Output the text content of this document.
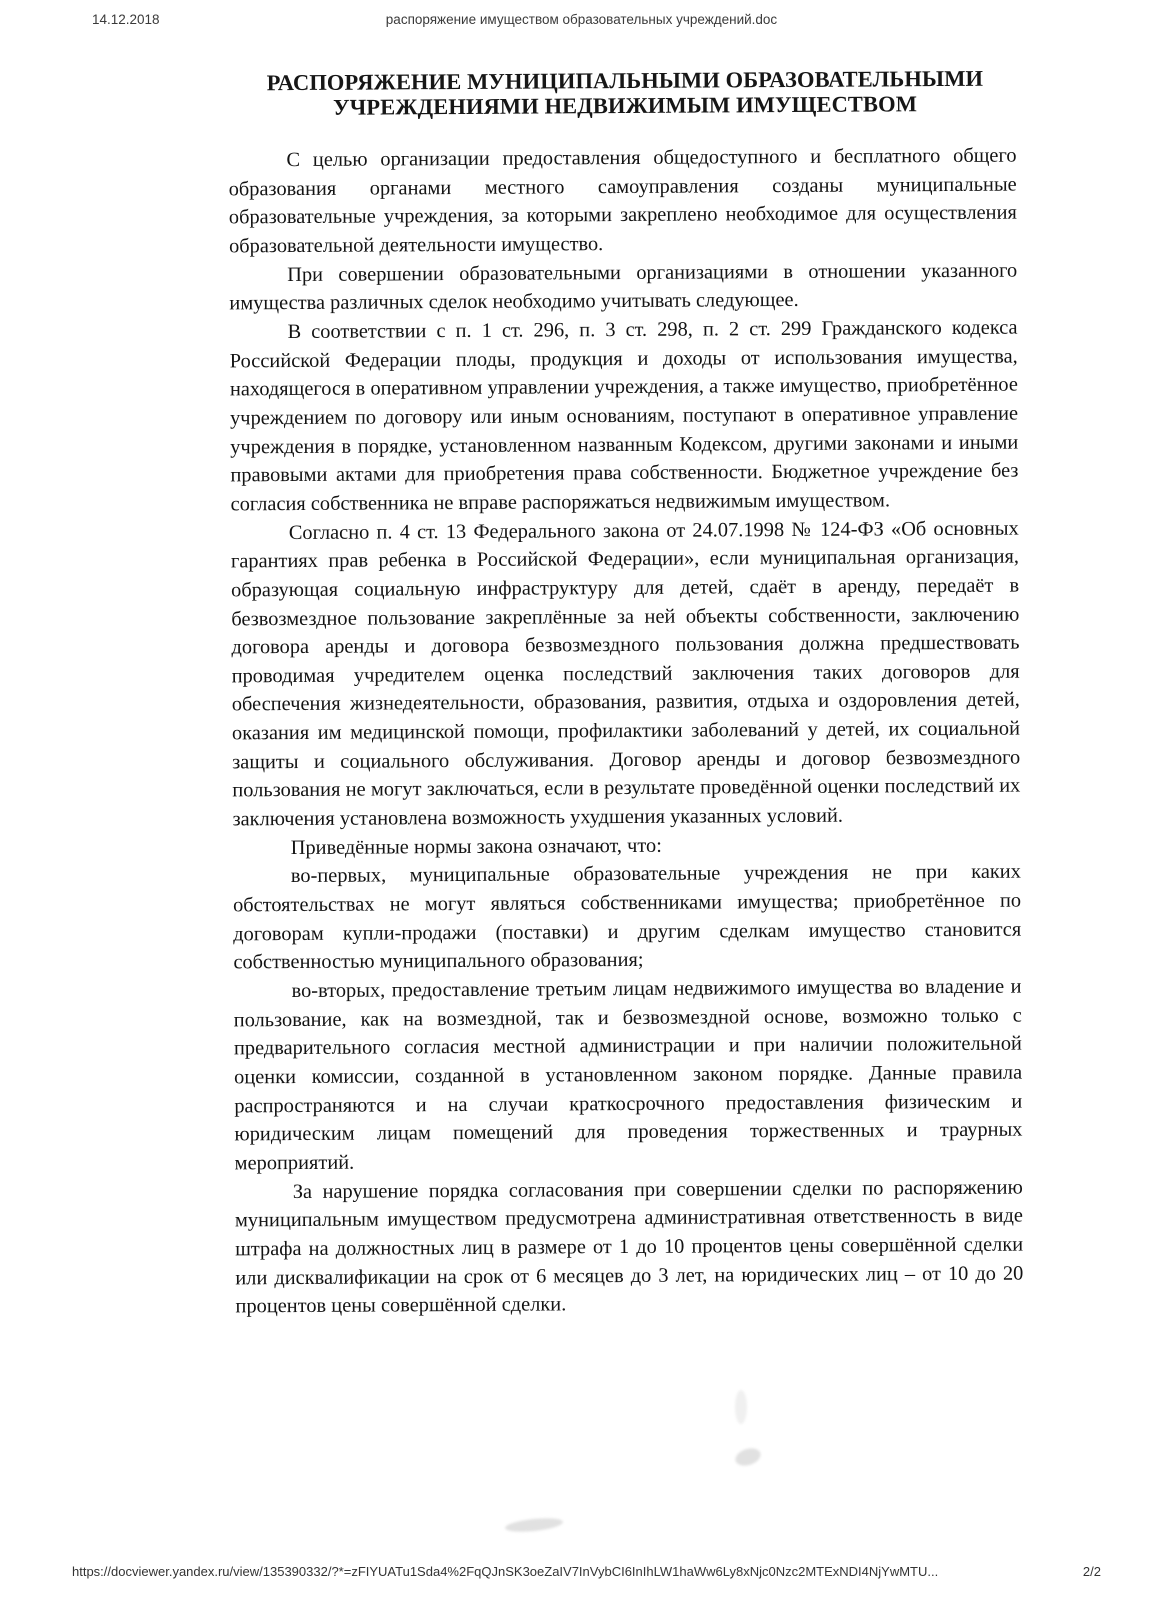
14.12.2018	распоряжение имуществом образовательных учреждений.doc
РАСПОРЯЖЕНИЕ МУНИЦИПАЛЬНЫМИ ОБРАЗОВАТЕЛЬНЫМИ УЧРЕЖДЕНИЯМИ НЕДВИЖИМЫМ ИМУЩЕСТВОМ

С целью организации предоставления общедоступного и бесплатного общего образования органами местного самоуправления созданы муниципальные образовательные учреждения, за которыми закреплено необходимое для осуществления образовательной деятельности имущество.

При совершении образовательными организациями в отношении указанного имущества различных сделок необходимо учитывать следующее.

В соответствии с п. 1 ст. 296, п. 3 ст. 298, п. 2 ст. 299 Гражданского кодекса Российской Федерации плоды, продукция и доходы от использования имущества, находящегося в оперативном управлении учреждения, а также имущество, приобретённое учреждением по договору или иным основаниям, поступают в оперативное управление учреждения в порядке, установленном названным Кодексом, другими законами и иными правовыми актами для приобретения права собственности. Бюджетное учреждение без согласия собственника не вправе распоряжаться недвижимым имуществом.

Согласно п. 4 ст. 13 Федерального закона от 24.07.1998 № 124-ФЗ «Об основных гарантиях прав ребенка в Российской Федерации», если муниципальная организация, образующая социальную инфраструктуру для детей, сдаёт в аренду, передаёт в безвозмездное пользование закреплённые за ней объекты собственности, заключению договора аренды и договора безвозмездного пользования должна предшествовать проводимая учредителем оценка последствий заключения таких договоров для обеспечения жизнедеятельности, образования, развития, отдыха и оздоровления детей, оказания им медицинской помощи, профилактики заболеваний у детей, их социальной защиты и социального обслуживания. Договор аренды и договор безвозмездного пользования не могут заключаться, если в результате проведённой оценки последствий их заключения установлена возможность ухудшения указанных условий.

Приведённые нормы закона означают, что:

во-первых, муниципальные образовательные учреждения не при каких обстоятельствах не могут являться собственниками имущества; приобретённое по договорам купли-продажи (поставки) и другим сделкам имущество становится собственностью муниципального образования;

во-вторых, предоставление третьим лицам недвижимого имущества во владение и пользование, как на возмездной, так и безвозмездной основе, возможно только с предварительного согласия местной администрации и при наличии положительной оценки комиссии, созданной в установленном законом порядке. Данные правила распространяются и на случаи краткосрочного предоставления физическим и юридическим лицам помещений для проведения торжественных и траурных мероприятий.

За нарушение порядка согласования при совершении сделки по распоряжению муниципальным имуществом предусмотрена административная ответственность в виде штрафа на должностных лиц в размере от 1 до 10 процентов цены совершённой сделки или дисквалификации на срок от 6 месяцев до 3 лет, на юридических лиц – от 10 до 20 процентов цены совершённой сделки.

https://docviewer.yandex.ru/view/135390332/?*=zFIYUATu1Sda4%2FqQJnSK3oeZaIV7InVybCI6InIhLW1haWw6Ly8xNjc0Nzc2MTExNDI4NjYwMTU...	2/2
